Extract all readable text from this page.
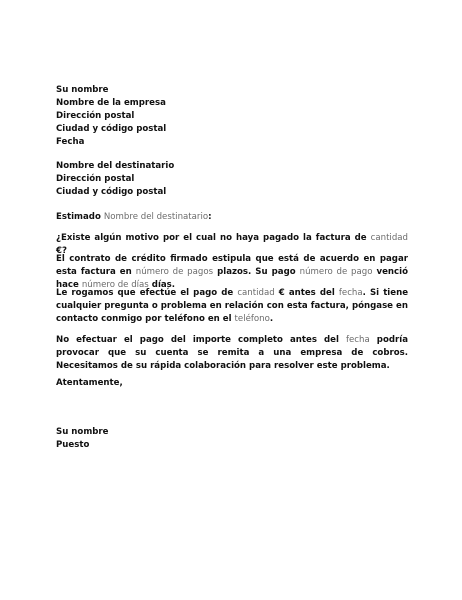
Su nombre
Nombre de la empresa
Dirección postal
Ciudad y código postal
Fecha
Nombre del destinatario
Dirección postal
Ciudad y código postal
Estimado Nombre del destinatario:
¿Existe algún motivo por el cual no haya pagado la factura de cantidad €?
El contrato de crédito firmado estipula que está de acuerdo en pagar esta factura en número de pagos plazos. Su pago número de pago venció hace número de días días.
Le rogamos que efectúe el pago de cantidad € antes del fecha. Si tiene cualquier pregunta o problema en relación con esta factura, póngase en contacto conmigo por teléfono en el teléfono.
No efectuar el pago del importe completo antes del fecha podría provocar que su cuenta se remita a una empresa de cobros. Necesitamos de su rápida colaboración para resolver este problema.
Atentamente,
Su nombre
Puesto
